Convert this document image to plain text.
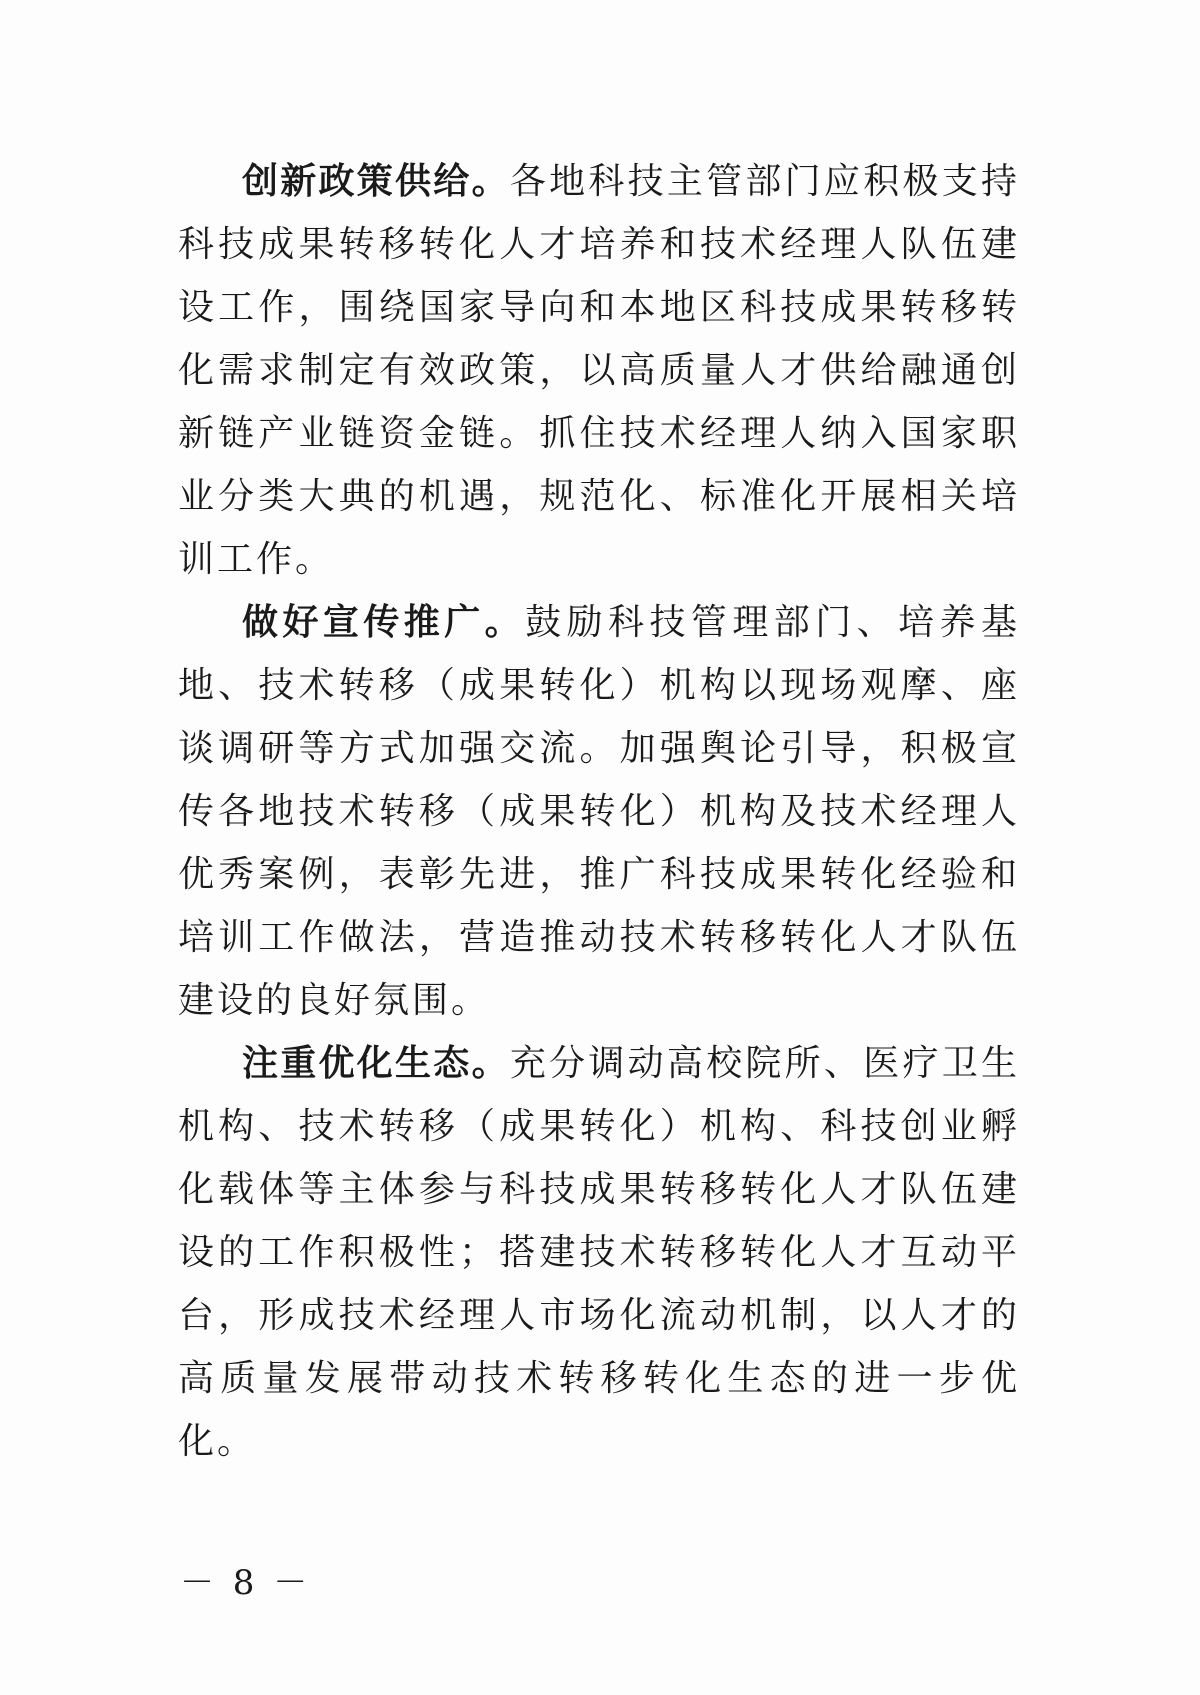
创新政策供给。各地科技主管部门应积极支持科技成果转移转化人才培养和技术经理人队伍建设工作，围绕国家导向和本地区科技成果转移转化需求制定有效政策，以高质量人才供给融通创新链产业链资金链。抓住技术经理人纳入国家职业分类大典的机遇，规范化、标准化开展相关培训工作。

做好宣传推广。鼓励科技管理部门、培养基地、技术转移（成果转化）机构以现场观摩、座谈调研等方式加强交流。加强舆论引导，积极宣传各地技术转移（成果转化）机构及技术经理人优秀案例，表彰先进，推广科技成果转化经验和培训工作做法，营造推动技术转移转化人才队伍建设的良好氛围。

注重优化生态。充分调动高校院所、医疗卫生机构、技术转移（成果转化）机构、科技创业孵化载体等主体参与科技成果转移转化人才队伍建设的工作积极性；搭建技术转移转化人才互动平台，形成技术经理人市场化流动机制，以人才的高质量发展带动技术转移转化生态的进一步优化。

－ 8 －
